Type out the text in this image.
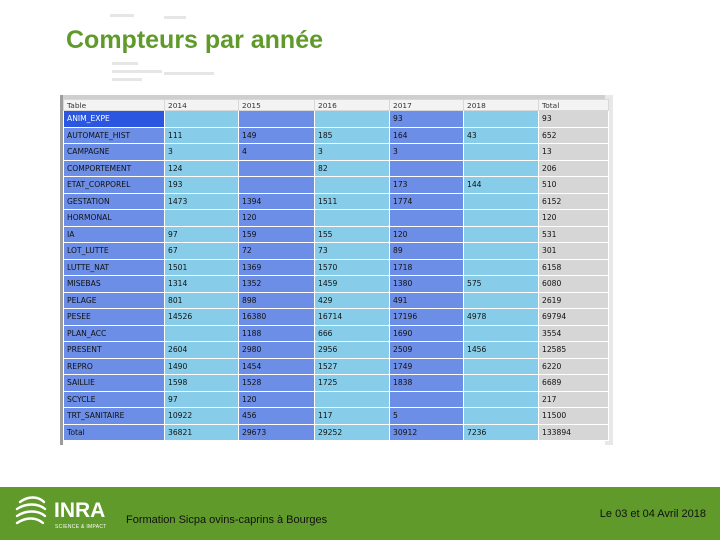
Compteurs par année
Table	2014	2015	2016	2017	2018	Total
ANIM_EXPE				93		93
AUTOMATE_HIST	111	149	185	164	43	652
CAMPAGNE	3	4	3	3		13
COMPORTEMENT	124		82			206
ETAT_CORPOREL	193			173	144	510
GESTATION	1473	1394	1511	1774		6152
HORMONAL		120				120
IA	97	159	155	120		531
LOT_LUTTE	67	72	73	89		301
LUTTE_NAT	1501	1369	1570	1718		6158
MISEBAS	1314	1352	1459	1380	575	6080
PELAGE	801	898	429	491		2619
PESEE	14526	16380	16714	17196	4978	69794
PLAN_ACC		1188	666	1690		3554
PRESENT	2604	2980	2956	2509	1456	12585
REPRO	1490	1454	1527	1749		6220
SAILLIE	1598	1528	1725	1838		6689
SCYCLE	97	120				217
TRT_SANITAIRE	10922	456	117	5		11500
Total	36821	29673	29252	30912	7236	133894
INRA
SCIENCE & IMPACT
Formation Sicpa ovins-caprins à Bourges	Le 03 et 04 Avril 2018
